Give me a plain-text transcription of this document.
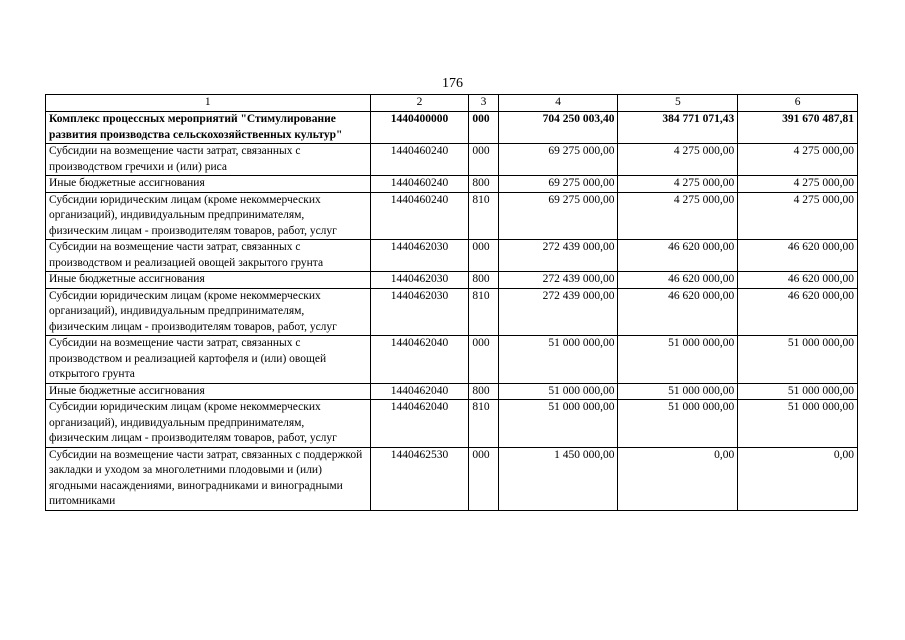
176
1	2	3	4	5	6
Комплекс процессных мероприятий "Стимулирование развития производства сельскохозяйственных культур"	1440400000	000	704 250 003,40	384 771 071,43	391 670 487,81
Субсидии на возмещение части затрат, связанных с производством гречихи и (или) риса	1440460240	000	69 275 000,00	4 275 000,00	4 275 000,00
Иные бюджетные ассигнования	1440460240	800	69 275 000,00	4 275 000,00	4 275 000,00
Субсидии юридическим лицам (кроме некоммерческих организаций), индивидуальным предпринимателям, физическим лицам - производителям товаров, работ, услуг	1440460240	810	69 275 000,00	4 275 000,00	4 275 000,00
Субсидии на возмещение части затрат, связанных с производством и реализацией овощей закрытого грунта	1440462030	000	272 439 000,00	46 620 000,00	46 620 000,00
Иные бюджетные ассигнования	1440462030	800	272 439 000,00	46 620 000,00	46 620 000,00
Субсидии юридическим лицам (кроме некоммерческих организаций), индивидуальным предпринимателям, физическим лицам - производителям товаров, работ, услуг	1440462030	810	272 439 000,00	46 620 000,00	46 620 000,00
Субсидии на возмещение части затрат, связанных с производством и реализацией картофеля и (или) овощей открытого грунта	1440462040	000	51 000 000,00	51 000 000,00	51 000 000,00
Иные бюджетные ассигнования	1440462040	800	51 000 000,00	51 000 000,00	51 000 000,00
Субсидии юридическим лицам (кроме некоммерческих организаций), индивидуальным предпринимателям, физическим лицам - производителям товаров, работ, услуг	1440462040	810	51 000 000,00	51 000 000,00	51 000 000,00
Субсидии на возмещение части затрат, связанных с поддержкой закладки и уходом за многолетними плодовыми и (или) ягодными насаждениями, виноградниками и виноградными питомниками	1440462530	000	1 450 000,00	0,00	0,00
